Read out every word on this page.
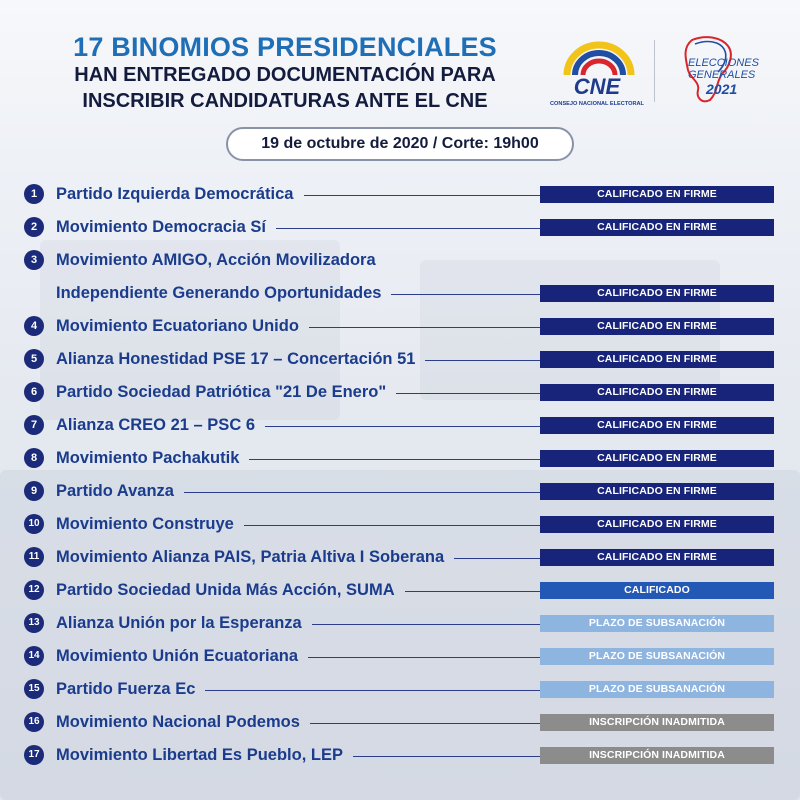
17 BINOMIOS PRESIDENCIALES
HAN ENTREGADO DOCUMENTACIÓN PARA
INSCRIBIR CANDIDATURAS ANTE EL CNE
CNE
CONSEJO NACIONAL ELECTORAL
ELECCIONES
GENERALES
2021
19 de octubre de 2020 / Corte: 19h00
1	Partido Izquierda Democrática	CALIFICADO EN FIRME
2	Movimiento Democracia Sí	CALIFICADO EN FIRME
3	Movimiento AMIGO, Acción Movilizadora
Independiente Generando Oportunidades	CALIFICADO EN FIRME
4	Movimiento Ecuatoriano Unido	CALIFICADO EN FIRME
5	Alianza Honestidad PSE 17 – Concertación 51	CALIFICADO EN FIRME
6	Partido Sociedad Patriótica "21 De Enero"	CALIFICADO EN FIRME
7	Alianza CREO 21 – PSC 6	CALIFICADO EN FIRME
8	Movimiento Pachakutik	CALIFICADO EN FIRME
9	Partido Avanza	CALIFICADO EN FIRME
10 Movimiento Construye	CALIFICADO EN FIRME
11 Movimiento Alianza PAIS, Patria Altiva I Soberana	CALIFICADO EN FIRME
12 Partido Sociedad Unida Más Acción, SUMA	CALIFICADO
13 Alianza Unión por la Esperanza	PLAZO DE SUBSANACIÓN
14 Movimiento Unión Ecuatoriana	PLAZO DE SUBSANACIÓN
15 Partido Fuerza Ec	PLAZO DE SUBSANACIÓN
16 Movimiento Nacional Podemos	INSCRIPCIÓN INADMITIDA
17 Movimiento Libertad Es Pueblo, LEP	INSCRIPCIÓN INADMITIDA
